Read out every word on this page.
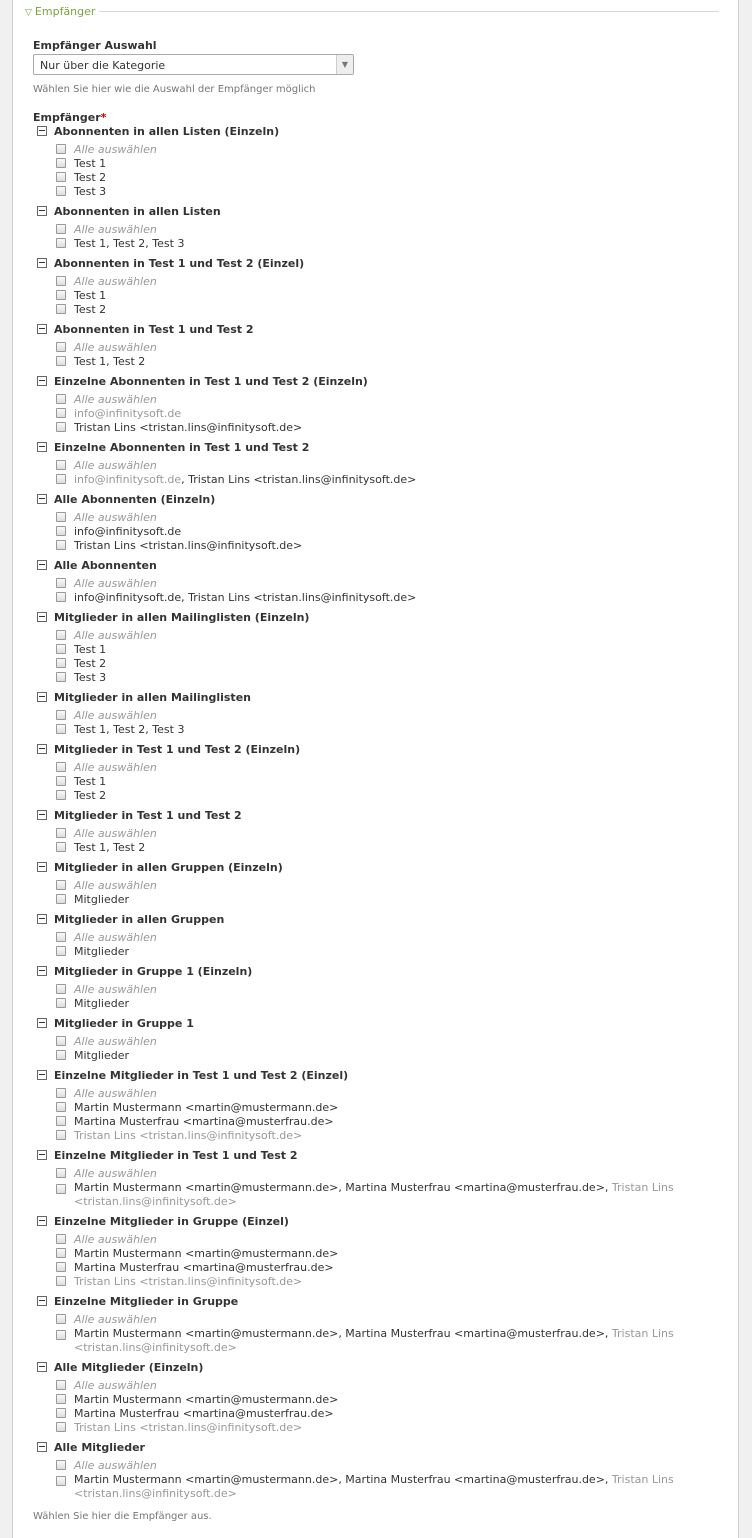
▽ Empfänger
Empfänger Auswahl
Nur über die Kategorie	▼
Wählen Sie hier wie die Auswahl der Empfänger möglich
Empfänger*
Abonnenten in allen Listen (Einzeln)
Alle auswählen
Test 1
Test 2
Test 3
Abonnenten in allen Listen
Alle auswählen
Test 1, Test 2, Test 3
Abonnenten in Test 1 und Test 2 (Einzel)
Alle auswählen
Test 1
Test 2
Abonnenten in Test 1 und Test 2
Alle auswählen
Test 1, Test 2
Einzelne Abonnenten in Test 1 und Test 2 (Einzeln)
Alle auswählen
info@infinitysoft.de
Tristan Lins <tristan.lins@infinitysoft.de>
Einzelne Abonnenten in Test 1 und Test 2
Alle auswählen
info@infinitysoft.de, Tristan Lins <tristan.lins@infinitysoft.de>
Alle Abonnenten (Einzeln)
Alle auswählen
info@infinitysoft.de
Tristan Lins <tristan.lins@infinitysoft.de>
Alle Abonnenten
Alle auswählen
info@infinitysoft.de, Tristan Lins <tristan.lins@infinitysoft.de>
Mitglieder in allen Mailinglisten (Einzeln)
Alle auswählen
Test 1
Test 2
Test 3
Mitglieder in allen Mailinglisten
Alle auswählen
Test 1, Test 2, Test 3
Mitglieder in Test 1 und Test 2 (Einzeln)
Alle auswählen
Test 1
Test 2
Mitglieder in Test 1 und Test 2
Alle auswählen
Test 1, Test 2
Mitglieder in allen Gruppen (Einzeln)
Alle auswählen
Mitglieder
Mitglieder in allen Gruppen
Alle auswählen
Mitglieder
Mitglieder in Gruppe 1 (Einzeln)
Alle auswählen
Mitglieder
Mitglieder in Gruppe 1
Alle auswählen
Mitglieder
Einzelne Mitglieder in Test 1 und Test 2 (Einzel)
Alle auswählen
Martin Mustermann <martin@mustermann.de>
Martina Musterfrau <martina@musterfrau.de>
Tristan Lins <tristan.lins@infinitysoft.de>
Einzelne Mitglieder in Test 1 und Test 2
Alle auswählen
Martin Mustermann <martin@mustermann.de>, Martina Musterfrau <martina@musterfrau.de>, Tristan Lins <tristan.lins@infinitysoft.de>
Einzelne Mitglieder in Gruppe (Einzel)
Alle auswählen
Martin Mustermann <martin@mustermann.de>
Martina Musterfrau <martina@musterfrau.de>
Tristan Lins <tristan.lins@infinitysoft.de>
Einzelne Mitglieder in Gruppe
Alle auswählen
Martin Mustermann <martin@mustermann.de>, Martina Musterfrau <martina@musterfrau.de>, Tristan Lins <tristan.lins@infinitysoft.de>
Alle Mitglieder (Einzeln)
Alle auswählen
Martin Mustermann <martin@mustermann.de>
Martina Musterfrau <martina@musterfrau.de>
Tristan Lins <tristan.lins@infinitysoft.de>
Alle Mitglieder
Alle auswählen
Martin Mustermann <martin@mustermann.de>, Martina Musterfrau <martina@musterfrau.de>, Tristan Lins <tristan.lins@infinitysoft.de>
Wählen Sie hier die Empfänger aus.
